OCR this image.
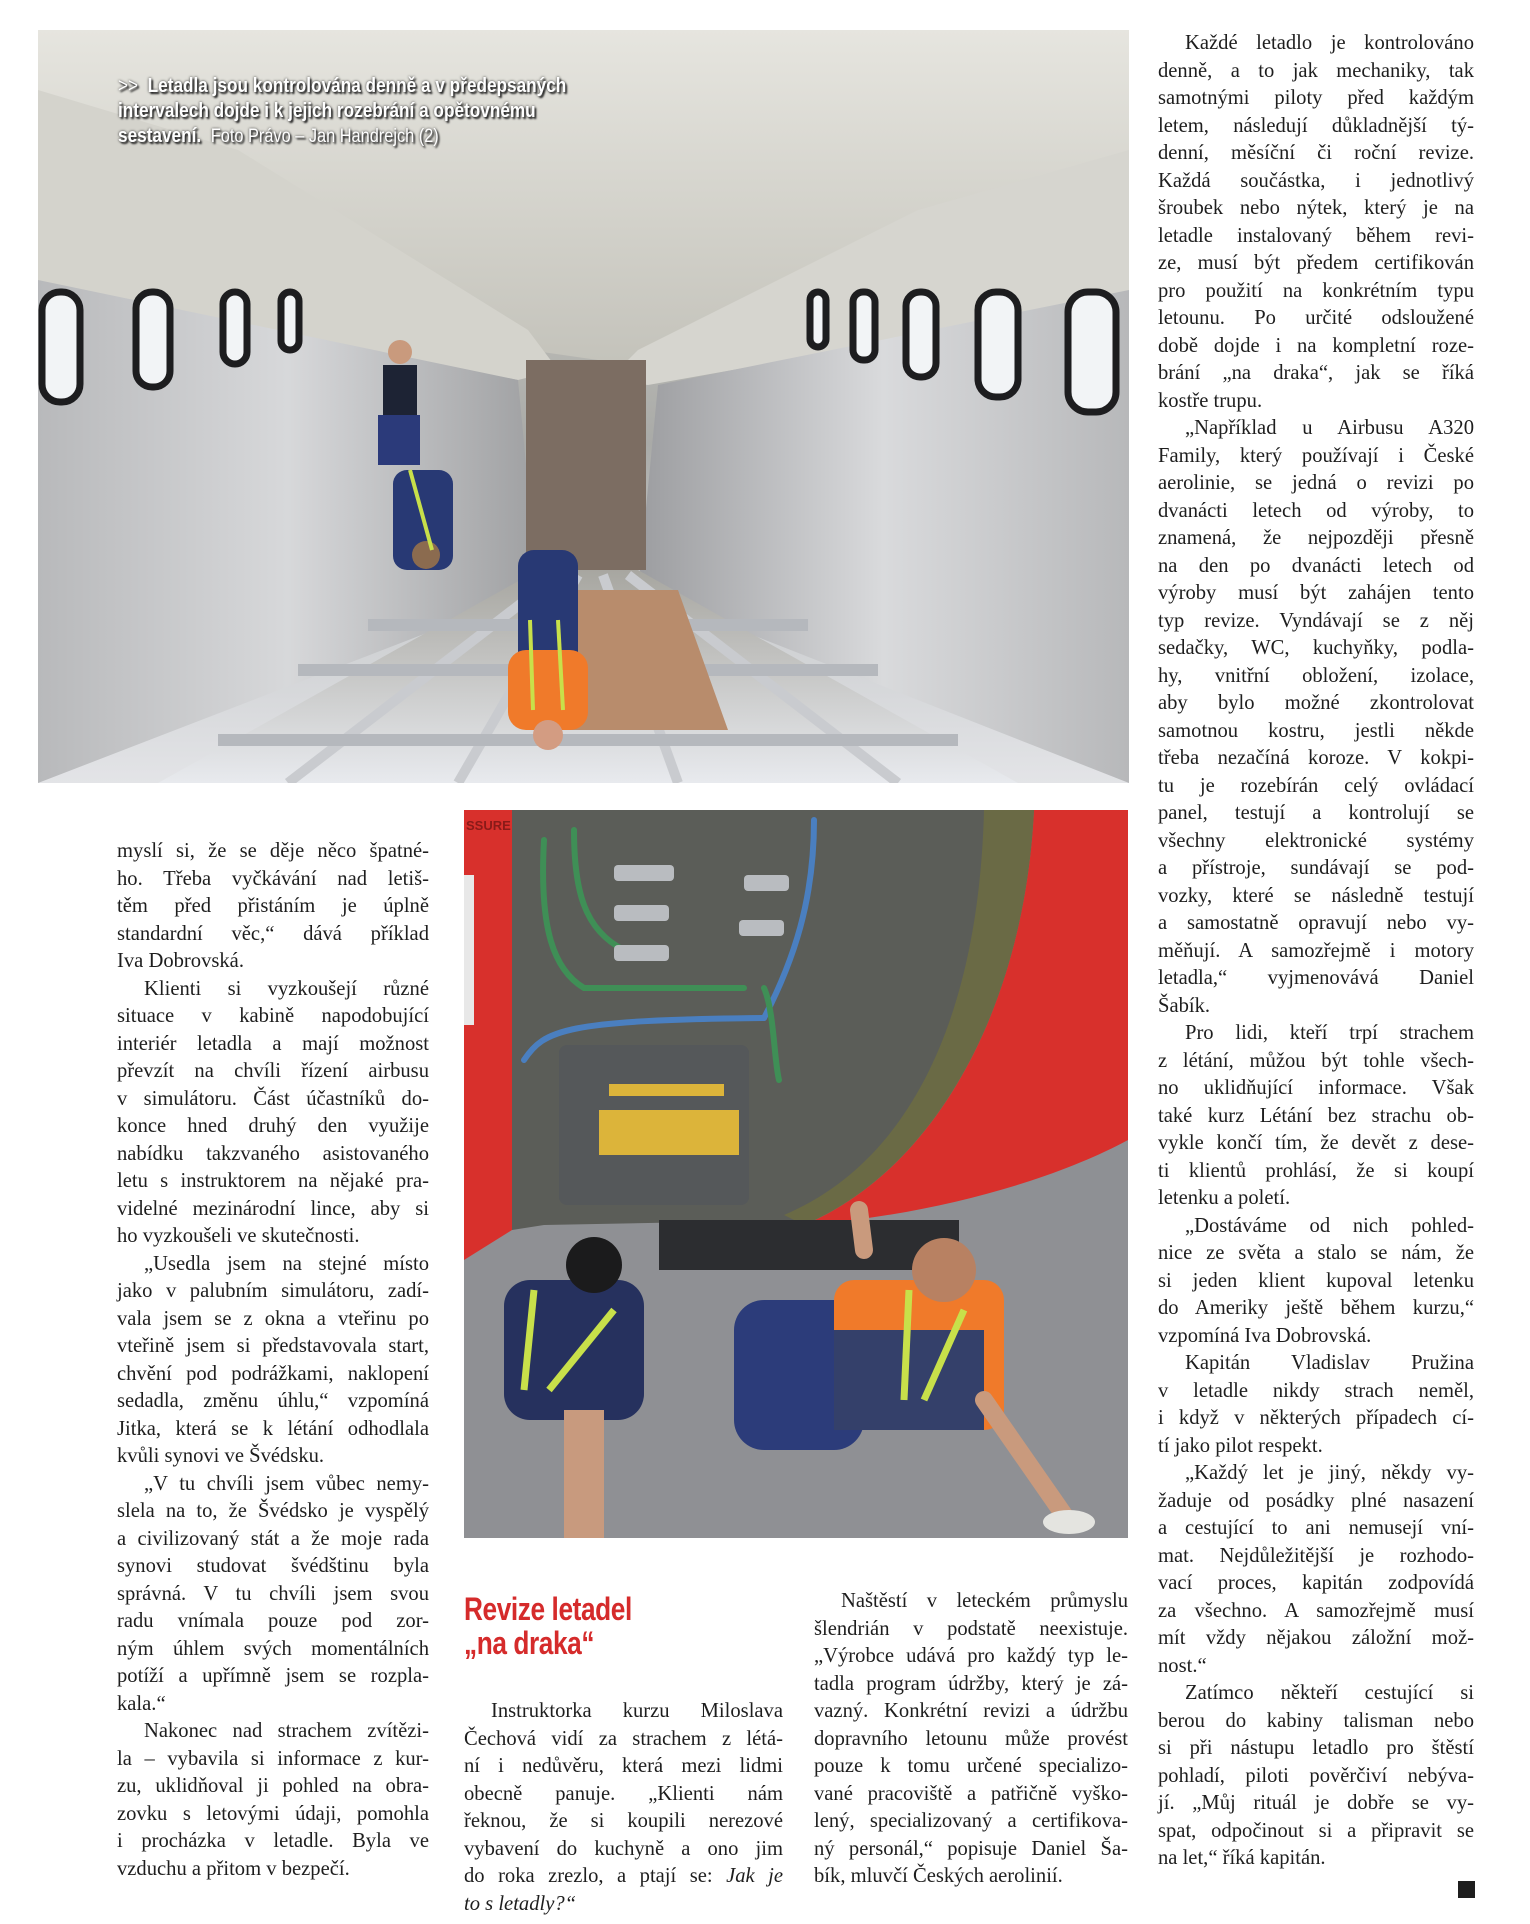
>> Letadla jsou kontrolována denně a v předepsaných
intervalech dojde i k jejich rozebrání a opětovnému
sestavení. Foto Právo – Jan Handrejch (2)
SSURE
myslí si, že se děje něco špatné-
ho. Třeba vyčkávání nad letiš-
těm před přistáním je úplně
standardní věc,“ dává příklad
Iva Dobrovská.
Klienti si vyzkoušejí různé
situace v kabině napodobující
interiér letadla a mají možnost
převzít na chvíli řízení airbusu
v simulátoru. Část účastníků do-
konce hned druhý den využije
nabídku takzvaného asistovaného
letu s instruktorem na nějaké pra-
videlné mezinárodní lince, aby si
ho vyzkoušeli ve skutečnosti.
„Usedla jsem na stejné místo
jako v palubním simulátoru, zadí-
vala jsem se z okna a vteřinu po
vteřině jsem si představovala start,
chvění pod podrážkami, naklopení
sedadla, změnu úhlu,“ vzpomíná
Jitka, která se k létání odhodlala
kvůli synovi ve Švédsku.
„V tu chvíli jsem vůbec nemy-
slela na to, že Švédsko je vyspělý
a civilizovaný stát a že moje rada
synovi studovat švédštinu byla
správná. V tu chvíli jsem svou
radu vnímala pouze pod zor-
ným úhlem svých momentálních
potíží a upřímně jsem se rozpla-
kala.“
Nakonec nad strachem zvítězi-
la – vybavila si informace z kur-
zu, uklidňoval ji pohled na obra-
zovku s letovými údaji, pomohla
i procházka v letadle. Byla ve
vzduchu a přitom v bezpečí.
Revize letadel
„na draka“
Instruktorka kurzu Miloslava
Čechová vidí za strachem z létá-
ní i nedůvěru, která mezi lidmi
obecně panuje. „Klienti nám
řeknou, že si koupili nerezové
vybavení do kuchyně a ono jim
do roka zrezlo, a ptají se: Jak je
to s letadly?“
Naštěstí v leteckém průmyslu
šlendrián v podstatě neexistuje.
„Výrobce udává pro každý typ le-
tadla program údržby, který je zá-
vazný. Konkrétní revizi a údržbu
dopravního letounu může provést
pouze k tomu určené specializo-
vané pracoviště a patřičně vyško-
lený, specializovaný a certifikova-
ný personál,“ popisuje Daniel Ša-
bík, mluvčí Českých aerolinií.
Každé letadlo je kontrolováno
denně, a to jak mechaniky, tak
samotnými piloty před každým
letem, následují důkladnější tý-
denní, měsíční či roční revize.
Každá součástka, i jednotlivý
šroubek nebo nýtek, který je na
letadle instalovaný během revi-
ze, musí být předem certifikován
pro použití na konkrétním typu
letounu. Po určité odsloužené
době dojde i na kompletní roze-
brání „na draka“, jak se říká
kostře trupu.
„Například u Airbusu A320
Family, který používají i České
aerolinie, se jedná o revizi po
dvanácti letech od výroby, to
znamená, že nejpozději přesně
na den po dvanácti letech od
výroby musí být zahájen tento
typ revize. Vyndávají se z něj
sedačky, WC, kuchyňky, podla-
hy, vnitřní obložení, izolace,
aby bylo možné zkontrolovat
samotnou kostru, jestli někde
třeba nezačíná koroze. V kokpi-
tu je rozebírán celý ovládací
panel, testují a kontrolují se
všechny elektronické systémy
a přístroje, sundávají se pod-
vozky, které se následně testují
a samostatně opravují nebo vy-
měňují. A samozřejmě i motory
letadla,“ vyjmenovává Daniel
Šabík.
Pro lidi, kteří trpí strachem
z létání, můžou být tohle všech-
no uklidňující informace. Však
také kurz Létání bez strachu ob-
vykle končí tím, že devět z dese-
ti klientů prohlásí, že si koupí
letenku a poletí.
„Dostáváme od nich pohled-
nice ze světa a stalo se nám, že
si jeden klient kupoval letenku
do Ameriky ještě během kurzu,“
vzpomíná Iva Dobrovská.
Kapitán Vladislav Pružina
v letadle nikdy strach neměl,
i když v některých případech cí-
tí jako pilot respekt.
„Každý let je jiný, někdy vy-
žaduje od posádky plné nasazení
a cestující to ani nemusejí vní-
mat. Nejdůležitější je rozhodo-
vací proces, kapitán zodpovídá
za všechno. A samozřejmě musí
mít vždy nějakou záložní mož-
nost.“
Zatímco někteří cestující si
berou do kabiny talisman nebo
si při nástupu letadlo pro štěstí
pohladí, piloti pověrčiví nebýva-
jí. „Můj rituál je dobře se vy-
spat, odpočinout si a připravit se
na let,“ říká kapitán.
